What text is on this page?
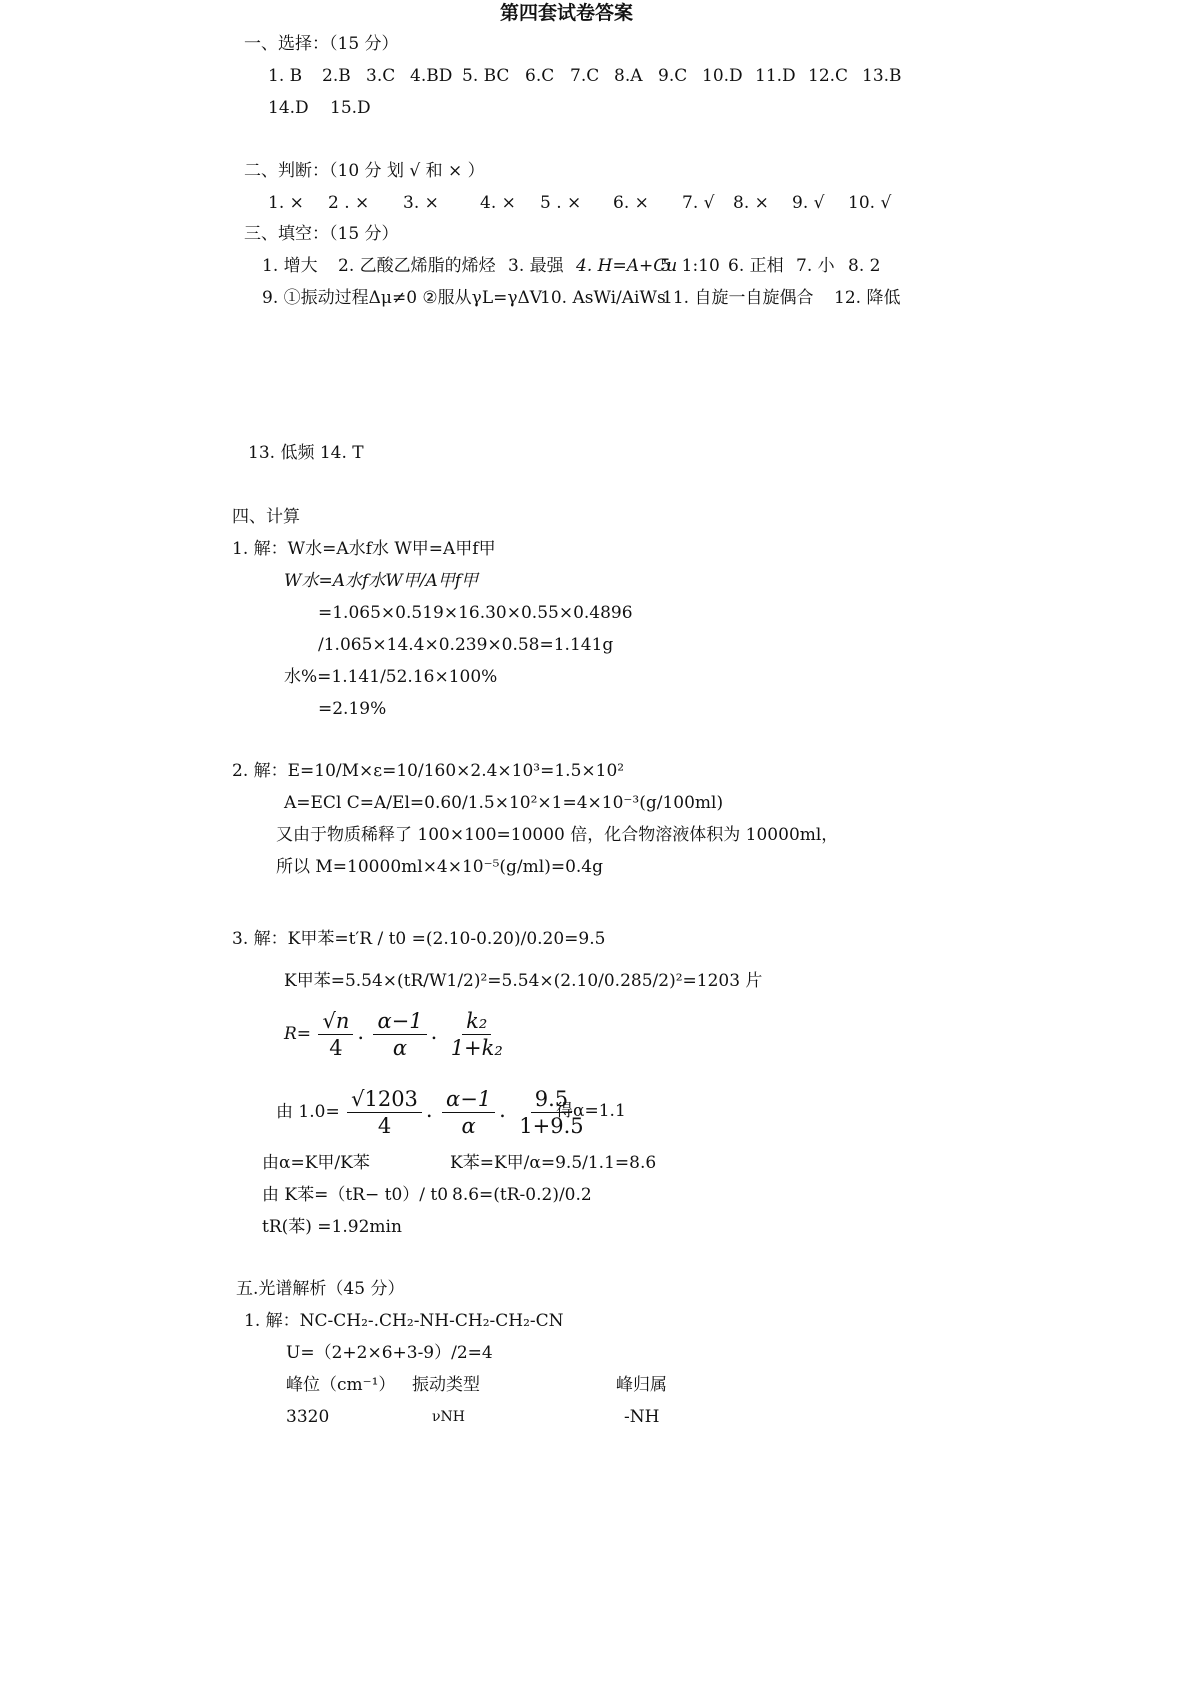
第四套试卷答案
一、选择：（15 分）
1. B 2.B 3.C 4.BD 5. BC 6.C 7.C 8.A 9.C 10.D 11.D 12.C 13.B
14.D 15.D
二、判断：（10 分 划 √ 和 × ）
1. × 2 . × 3. × 4. × 5 . × 6. × 7. √ 8. × 9. √ 10. √
三、填空：（15 分）
1. 增大 2. 乙酸乙烯脂的烯烃 3. 最强 4. H=A+Cu
5. 1:10 6. 正相 7. 小 8. 2
9. ①振动过程Δμ≠0 ②服从γL=γΔV
10. AsWi/AiWs
11. 自旋一自旋偶合 12. 降低
13. 低频 14. T
四、计算
1. 解：W水=A水f水 W甲=A甲f甲
W水=A水f水W甲/A甲f甲
=1.065×0.519×16.30×0.55×0.4896
/1.065×14.4×0.239×0.58=1.141g
水%=1.141/52.16×100%
=2.19%
2. 解：E=10/M×ε=10/160×2.4×10³=1.5×10²
A=ECl C=A/El=0.60/1.5×10²×1=4×10⁻³(g/100ml)
又由于物质稀释了 100×100=10000 倍，化合物溶液体积为 10000ml，
所以 M=10000ml×4×10⁻⁵(g/ml)=0.4g
3. 解：K甲苯=t′R / t0 =(2.10-0.20)/0.20=9.5
K甲苯=5.54×(tR/W1/2)²=5.54×(2.10/0.285/2)²=1203 片
$R= \frac{√n}{4}$ . $\frac{\alpha-1}{\alpha}$ . $\frac{\text{k₂}}{\text{1+k₂}}$
由 $1.0= \frac{√1203}{4}$ . $\frac{\alpha-1}{\alpha}$ . $\frac{9.5}{1+9.5}$
得α=1.1
由α=K甲/K苯	K苯=K甲/α=9.5/1.1=8.6
由 K苯=（tR− t0）/ t0 8.6=(tR-0.2)/0.2
tR(苯) =1.92min
五.光谱解析（45 分）
1. 解：NC-CH₂-.CH₂-NH-CH₂-CH₂-CN
U=（2+2×6+3-9）/2=4
峰位（cm⁻¹） 振动类型	峰归属
3320	νNH	-NH
